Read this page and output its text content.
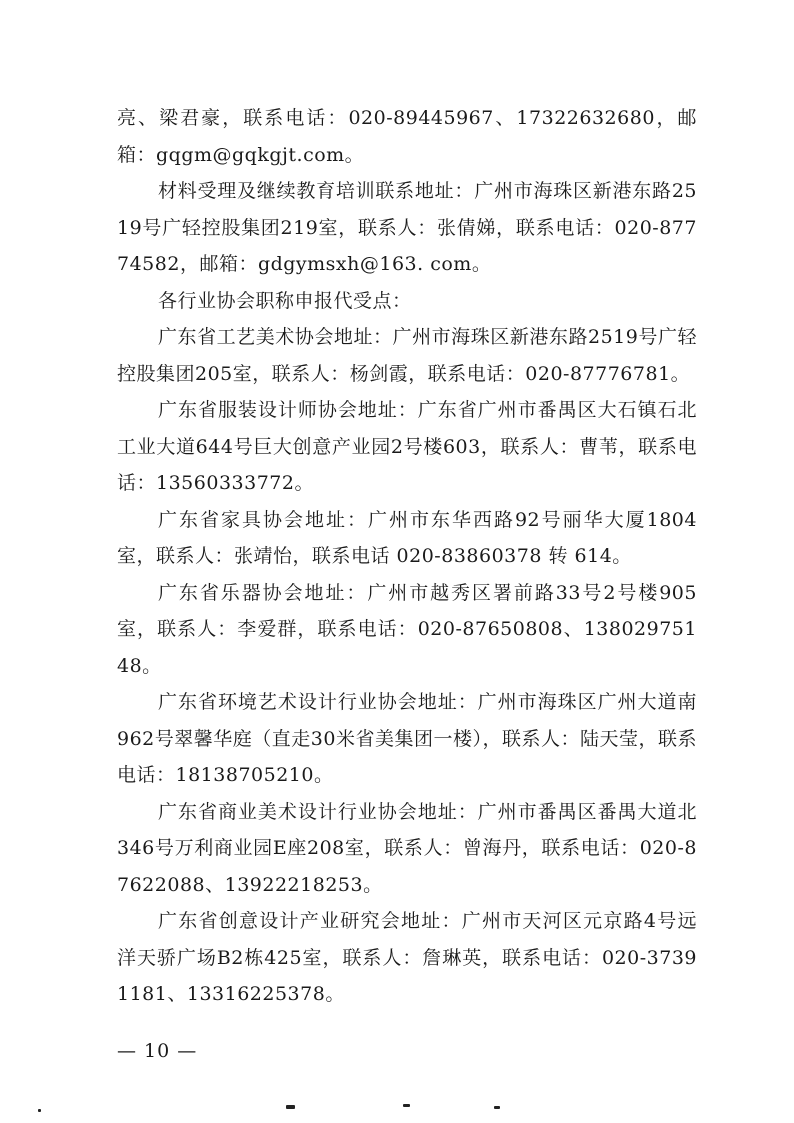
亮、梁君豪，联系电话：020-89445967、17322632680，邮箱：gqgm@gqkgjt.com。

材料受理及继续教育培训联系地址：广州市海珠区新港东路2519号广轻控股集团219室，联系人：张倩娣，联系电话：020-87774582，邮箱：gdgymsxh@163. com。

各行业协会职称申报代受点：

广东省工艺美术协会地址：广州市海珠区新港东路2519号广轻控股集团205室，联系人：杨剑霞，联系电话：020-87776781。

广东省服装设计师协会地址：广东省广州市番禺区大石镇石北工业大道644号巨大创意产业园2号楼603，联系人：曹苇，联系电话：13560333772。

广东省家具协会地址：广州市东华西路92号丽华大厦1804室，联系人：张靖怡，联系电话 020-83860378 转 614。

广东省乐器协会地址：广州市越秀区署前路33号2号楼905室，联系人：李爱群，联系电话：020-87650808、13802975148。

广东省环境艺术设计行业协会地址：广州市海珠区广州大道南962号翠馨华庭（直走30米省美集团一楼），联系人：陆天莹，联系电话：18138705210。

广东省商业美术设计行业协会地址：广州市番禺区番禺大道北346号万利商业园E座208室，联系人：曾海丹，联系电话：020-87622088、13922218253。

广东省创意设计产业研究会地址：广州市天河区元京路4号远洋天骄广场B2栋425室，联系人：詹琳英，联系电话：020-37391181、13316225378。

— 10 —
